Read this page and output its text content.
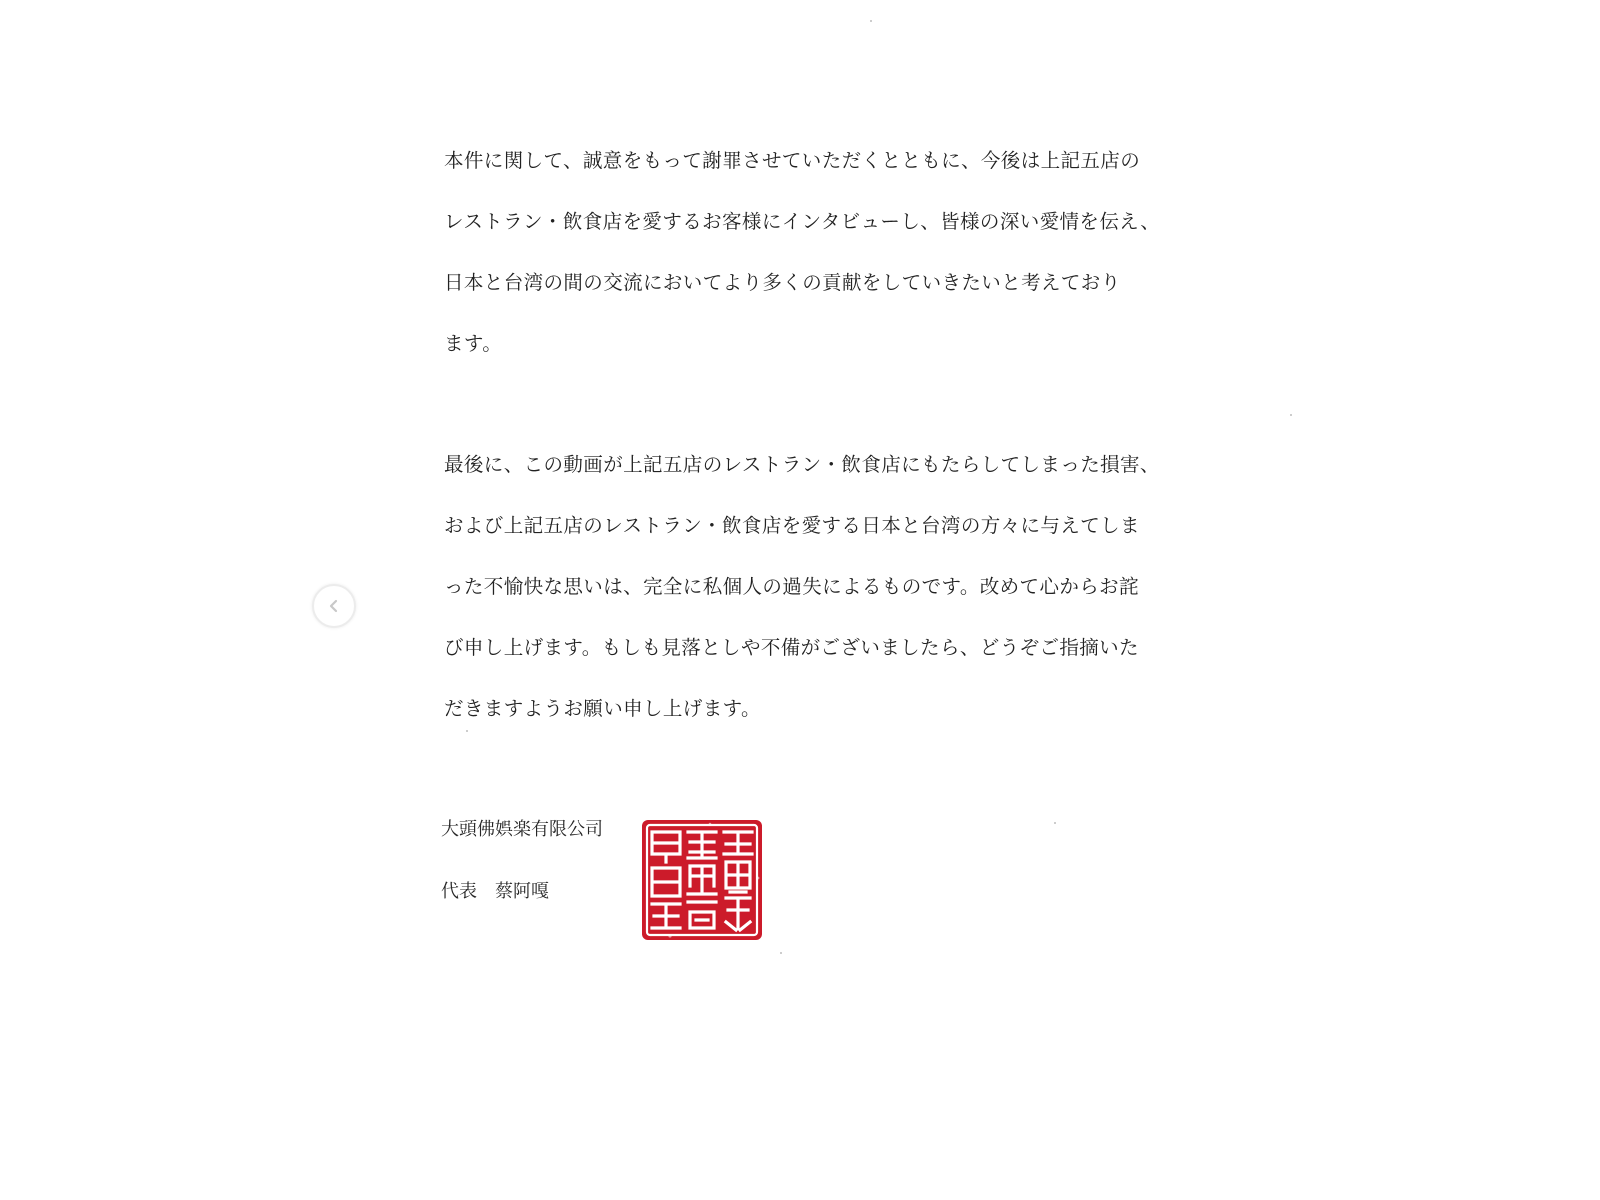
本件に関して、誠意をもって謝罪させていただくとともに、今後は上記五店の
レストラン・飲食店を愛するお客様にインタビューし、皆様の深い愛情を伝え、
日本と台湾の間の交流においてより多くの貢献をしていきたいと考えており
ます。
最後に、この動画が上記五店のレストラン・飲食店にもたらしてしまった損害、
および上記五店のレストラン・飲食店を愛する日本と台湾の方々に与えてしま
った不愉快な思いは、完全に私個人の過失によるものです。改めて心からお詫
び申し上げます。もしも見落としや不備がございましたら、どうぞご指摘いた
だきますようお願い申し上げます。
大頭佛娯楽有限公司
代表　蔡阿嘎
